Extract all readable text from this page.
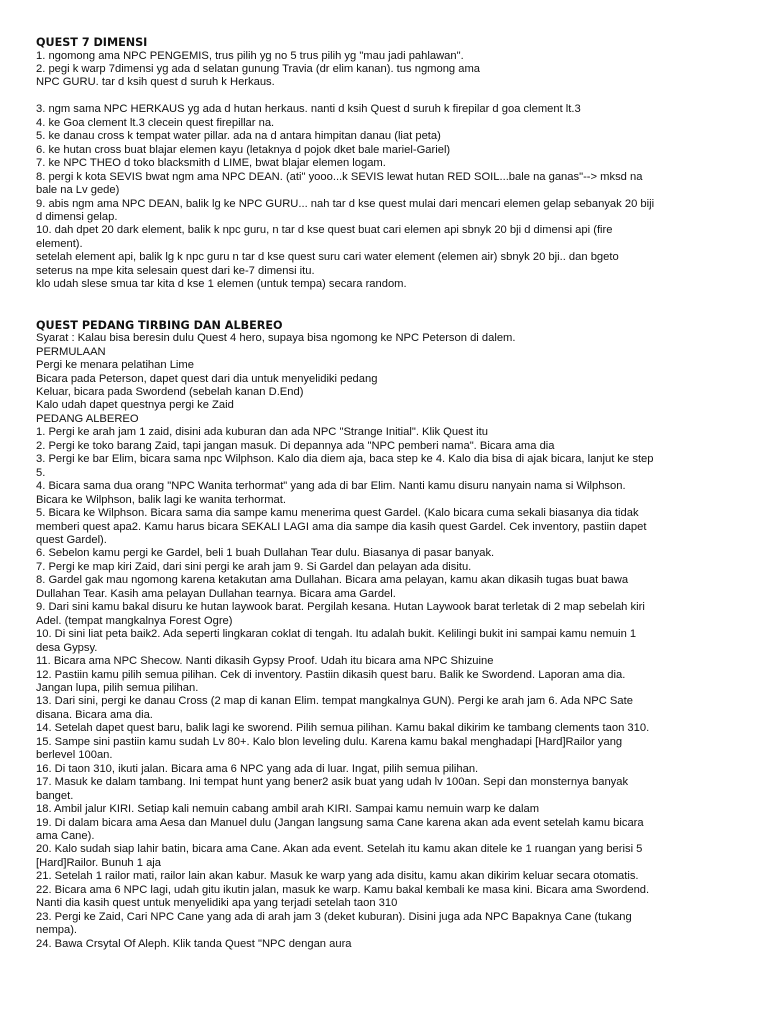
QUEST 7 DIMENSI

1. ngomong ama NPC PENGEMIS, trus pilih yg no 5 trus pilih yg "mau jadi pahlawan".

2. pegi k warp 7dimensi yg ada d selatan gunung Travia (dr elim kanan). tus ngmong ama

NPC GURU. tar d ksih quest d suruh k Herkaus.

3. ngm sama NPC HERKAUS yg ada d hutan herkaus. nanti d ksih Quest d suruh k firepilar d goa clement lt.3

4. ke Goa clement lt.3 clecein quest firepillar na.

5. ke danau cross k tempat water pillar. ada na d antara himpitan danau (liat peta)

6. ke hutan cross buat blajar elemen kayu (letaknya d pojok dket bale mariel-Gariel)

7. ke NPC THEO d toko blacksmith d LIME, bwat blajar elemen logam.

8. pergi k kota SEVIS bwat ngm ama NPC DEAN. (ati" yooo...k SEVIS lewat hutan RED SOIL...bale na ganas"--> mksd na

bale na Lv gede)

9. abis ngm ama NPC DEAN, balik lg ke NPC GURU... nah tar d kse quest mulai dari mencari elemen gelap sebanyak 20 biji

d dimensi gelap.

10. dah dpet 20 dark element, balik k npc guru, n tar d kse quest buat cari elemen api sbnyk 20 bji d dimensi api (fire

element).

setelah element api, balik lg k npc guru n tar d kse quest suru cari water element (elemen air) sbnyk 20 bji.. dan bgeto

seterus na mpe kita selesain quest dari ke-7 dimensi itu.

klo udah slese smua tar kita d kse 1 elemen (untuk tempa) secara random.

QUEST PEDANG TIRBING DAN ALBEREO

Syarat : Kalau bisa beresin dulu Quest 4 hero, supaya bisa ngomong ke NPC Peterson di dalem.

PERMULAAN

Pergi ke menara pelatihan Lime

Bicara pada Peterson, dapet quest dari dia untuk menyelidiki pedang

Keluar, bicara pada Swordend (sebelah kanan D.End)

Kalo udah dapet questnya pergi ke Zaid

PEDANG ALBEREO

1. Pergi ke arah jam 1 zaid, disini ada kuburan dan ada NPC "Strange Initial". Klik Quest itu

2. Pergi ke toko barang Zaid, tapi jangan masuk. Di depannya ada "NPC pemberi nama". Bicara ama dia

3. Pergi ke bar Elim, bicara sama npc Wilphson. Kalo dia diem aja, baca step ke 4. Kalo dia bisa di ajak bicara, lanjut ke step

5.

4. Bicara sama dua orang "NPC Wanita terhormat" yang ada di bar Elim. Nanti kamu disuru nanyain nama si Wilphson.

Bicara ke Wilphson, balik lagi ke wanita terhormat.

5. Bicara ke Wilphson. Bicara sama dia sampe kamu menerima quest Gardel. (Kalo bicara cuma sekali biasanya dia tidak

memberi quest apa2. Kamu harus bicara SEKALI LAGI ama dia sampe dia kasih quest Gardel. Cek inventory, pastiin dapet

quest Gardel).

6. Sebelon kamu pergi ke Gardel, beli 1 buah Dullahan Tear dulu. Biasanya di pasar banyak.

7. Pergi ke map kiri Zaid, dari sini pergi ke arah jam 9. Si Gardel dan pelayan ada disitu.

8. Gardel gak mau ngomong karena ketakutan ama Dullahan. Bicara ama pelayan, kamu akan dikasih tugas buat bawa

Dullahan Tear. Kasih ama pelayan Dullahan tearnya. Bicara ama Gardel.

9. Dari sini kamu bakal disuru ke hutan laywook barat. Pergilah kesana. Hutan Laywook barat terletak di 2 map sebelah kiri

Adel. (tempat mangkalnya Forest Ogre)

10. Di sini liat peta baik2. Ada seperti lingkaran coklat di tengah. Itu adalah bukit. Kelilingi bukit ini sampai kamu nemuin 1

desa Gypsy.

11. Bicara ama NPC Shecow. Nanti dikasih Gypsy Proof. Udah itu bicara ama NPC Shizuine

12. Pastiin kamu pilih semua pilihan. Cek di inventory. Pastiin dikasih quest baru. Balik ke Swordend. Laporan ama dia.

Jangan lupa, pilih semua pilihan.

13. Dari sini, pergi ke danau Cross (2 map di kanan Elim. tempat mangkalnya GUN). Pergi ke arah jam 6. Ada NPC Sate

disana. Bicara ama dia.

14. Setelah dapet quest baru, balik lagi ke sworend. Pilih semua pilihan. Kamu bakal dikirim ke tambang clements taon 310.

15. Sampe sini pastiin kamu sudah Lv 80+. Kalo blon leveling dulu. Karena kamu bakal menghadapi [Hard]Railor yang

berlevel 100an.

16. Di taon 310, ikuti jalan. Bicara ama 6 NPC yang ada di luar. Ingat, pilih semua pilihan.

17. Masuk ke dalam tambang. Ini tempat hunt yang bener2 asik buat yang udah lv 100an. Sepi dan monsternya banyak

banget.

18. Ambil jalur KIRI. Setiap kali nemuin cabang ambil arah KIRI. Sampai kamu nemuin warp ke dalam

19. Di dalam bicara ama Aesa dan Manuel dulu (Jangan langsung sama Cane karena akan ada event setelah kamu bicara

ama Cane).

20. Kalo sudah siap lahir batin, bicara ama Cane. Akan ada event. Setelah itu kamu akan ditele ke 1 ruangan yang berisi 5

[Hard]Railor. Bunuh 1 aja

21. Setelah 1 railor mati, railor lain akan kabur. Masuk ke warp yang ada disitu, kamu akan dikirim keluar secara otomatis.

22. Bicara ama 6 NPC lagi, udah gitu ikutin jalan, masuk ke warp. Kamu bakal kembali ke masa kini. Bicara ama Swordend.

Nanti dia kasih quest untuk menyelidiki apa yang terjadi setelah taon 310

23. Pergi ke Zaid, Cari NPC Cane yang ada di arah jam 3 (deket kuburan). Disini juga ada NPC Bapaknya Cane (tukang

nempa).

24. Bawa Crsytal Of Aleph. Klik tanda Quest "NPC dengan aura
